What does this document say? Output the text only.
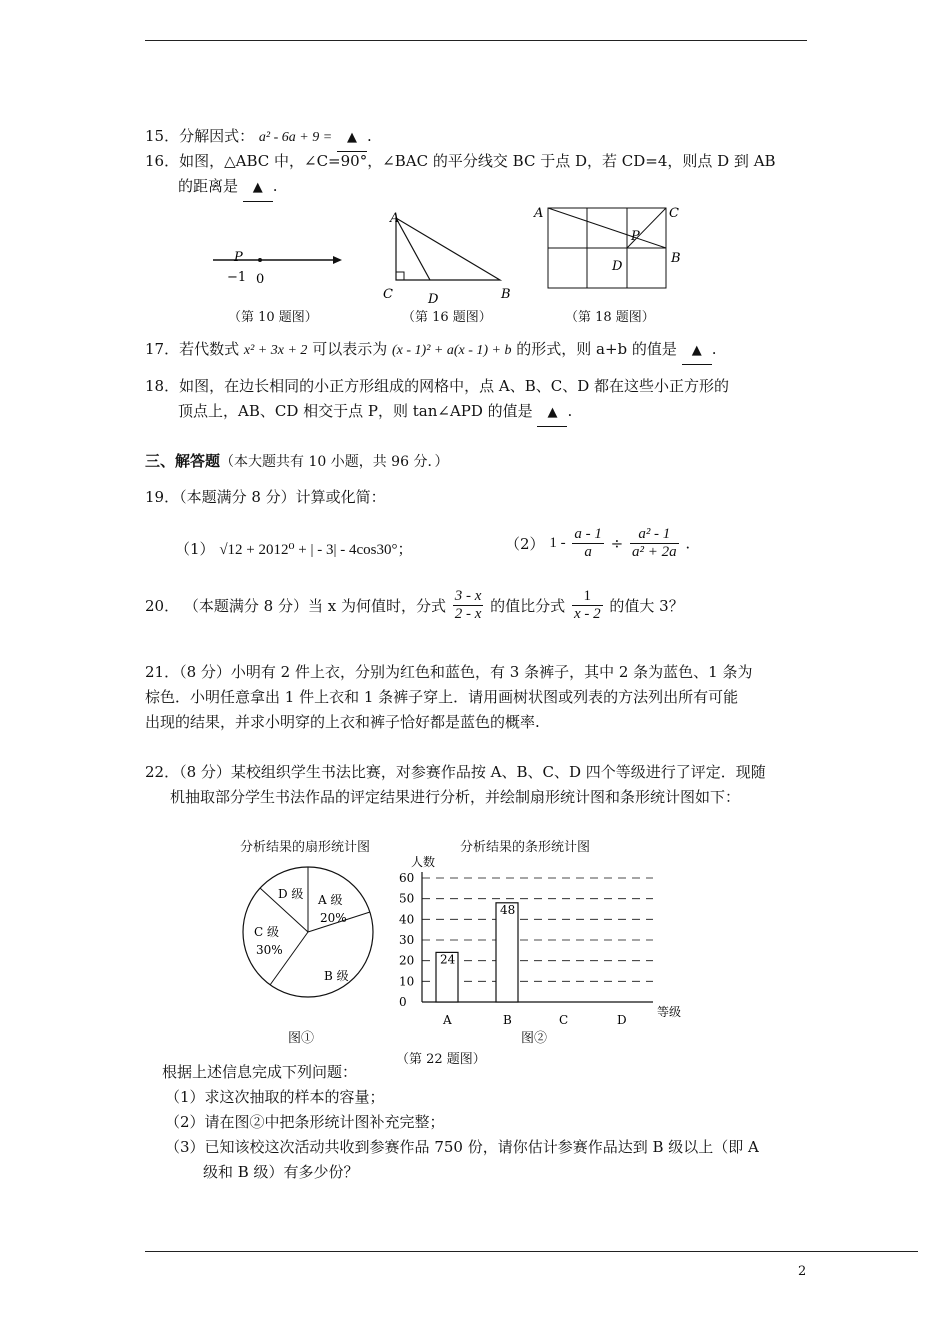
15．分解因式： a² - 6a + 9 = ▲ .
16．如图，△ABC 中，∠C=90°，∠BAC 的平分线交 BC 于点 D，若 CD=4，则点 D 到 AB
的距离是 ▲ .
P
−1 0
（第 10 题图）
A
C	D	B
（第 16 题图）
A	C
P
B
D
（第 18 题图）
17．若代数式 x² + 3x + 2 可以表示为 (x - 1)² + a(x - 1) + b 的形式，则 a+b 的值是 ▲ .
18．如图，在边长相同的小正方形组成的网格中，点 A、B、C、D 都在这些小正方形的
顶点上，AB、CD 相交于点 P，则 tan∠APD 的值是 ▲ .
三、解答题（本大题共有 10 小题，共 96 分．）
19．（本题满分 8 分）计算或化简：
（1） √12 + 2012⁰ + | - 3| - 4cos30°；	（2） $1 - \frac{a - 1}{a} \div \frac{\text{a² - 1}}{\text{a² + 2a}}$ .
20． （本题满分 8 分）当 x 为何值时，分式 $\frac{3 - x}{2 - x}$ 的值比分式 $\frac{1}{x - 2}$ 的值大 3？
21．（8 分）小明有 2 件上衣，分别为红色和蓝色，有 3 条裤子，其中 2 条为蓝色、1 条为
棕色．小明任意拿出 1 件上衣和 1 条裤子穿上．请用画树状图或列表的方法列出所有可能
出现的结果，并求小明穿的上衣和裤子恰好都是蓝色的概率.
22．（8 分）某校组织学生书法比赛，对参赛作品按 A、B、C、D 四个等级进行了评定．现随
机抽取部分学生书法作品的评定结果进行分析，并绘制扇形统计图和条形统计图如下：
分析结果的扇形统计图
D 级 A 级
20%
C 级
30%
B 级
图①
分析结果的条形统计图
0
10
20
30
40
50
60
24
48
A	B	C	D
人数
等级
图②
（第 22 题图）
根据上述信息完成下列问题：
（1）求这次抽取的样本的容量；
（2）请在图②中把条形统计图补充完整；
（3）已知该校这次活动共收到参赛作品 750 份，请你估计参赛作品达到 B 级以上（即 A
级和 B 级）有多少份？
2
